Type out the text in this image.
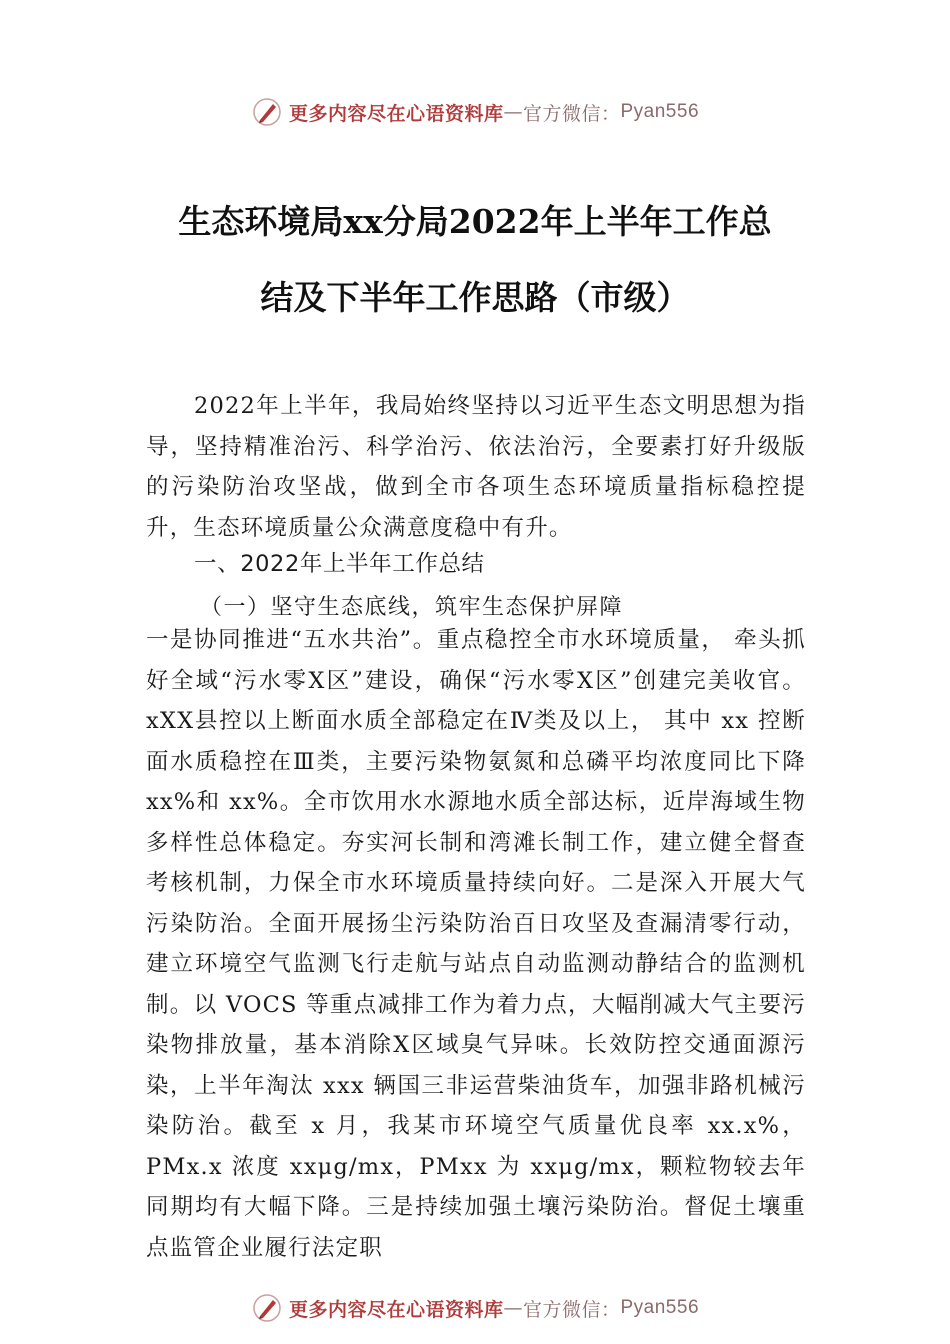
更多内容尽在心语资料库 — 官方微信： Pyan556
生态环境局xx分局2022年上半年工作总
结及下半年工作思路（市级）
2022年上半年，我局始终坚持以习近平生态文明思想为指导，坚持精准治污、科学治污、依法治污，全要素打好升级版的污染防治攻坚战，做到全市各项生态环境质量指标稳控提升，生态环境质量公众满意度稳中有升。
一、2022年上半年工作总结
（一）坚守生态底线，筑牢生态保护屏障
一是协同推进“五水共治”。重点稳控全市水环境质量， 牵头抓好全域“污水零X区”建设，确保“污水零X区”创建完美收官。xXX县控以上断面水质全部稳定在Ⅳ类及以上， 其中 xx 控断面水质稳控在Ⅲ类，主要污染物氨氮和总磷平均浓度同比下降 xx%和 xx%。全市饮用水水源地水质全部达标，近岸海域生物多样性总体稳定。夯实河长制和湾滩长制工作，建立健全督查考核机制，力保全市水环境质量持续向好。二是深入开展大气污染防治。全面开展扬尘污染防治百日攻坚及查漏清零行动，建立环境空气监测飞行走航与站点自动监测动静结合的监测机制。以 VOCS 等重点减排工作为着力点，大幅削减大气主要污染物排放量，基本消除X区域臭气异味。长效防控交通面源污染，上半年淘汰 xxx 辆国三非运营柴油货车，加强非路机械污染防治。截至 x 月，我某市环境空气质量优良率 xx.x%，PMx.x 浓度 xxμg/mx，PMxx 为 xxμg/mx，颗粒物较去年同期均有大幅下降。三是持续加强土壤污染防治。督促土壤重点监管企业履行法定职
更多内容尽在心语资料库 — 官方微信： Pyan556
